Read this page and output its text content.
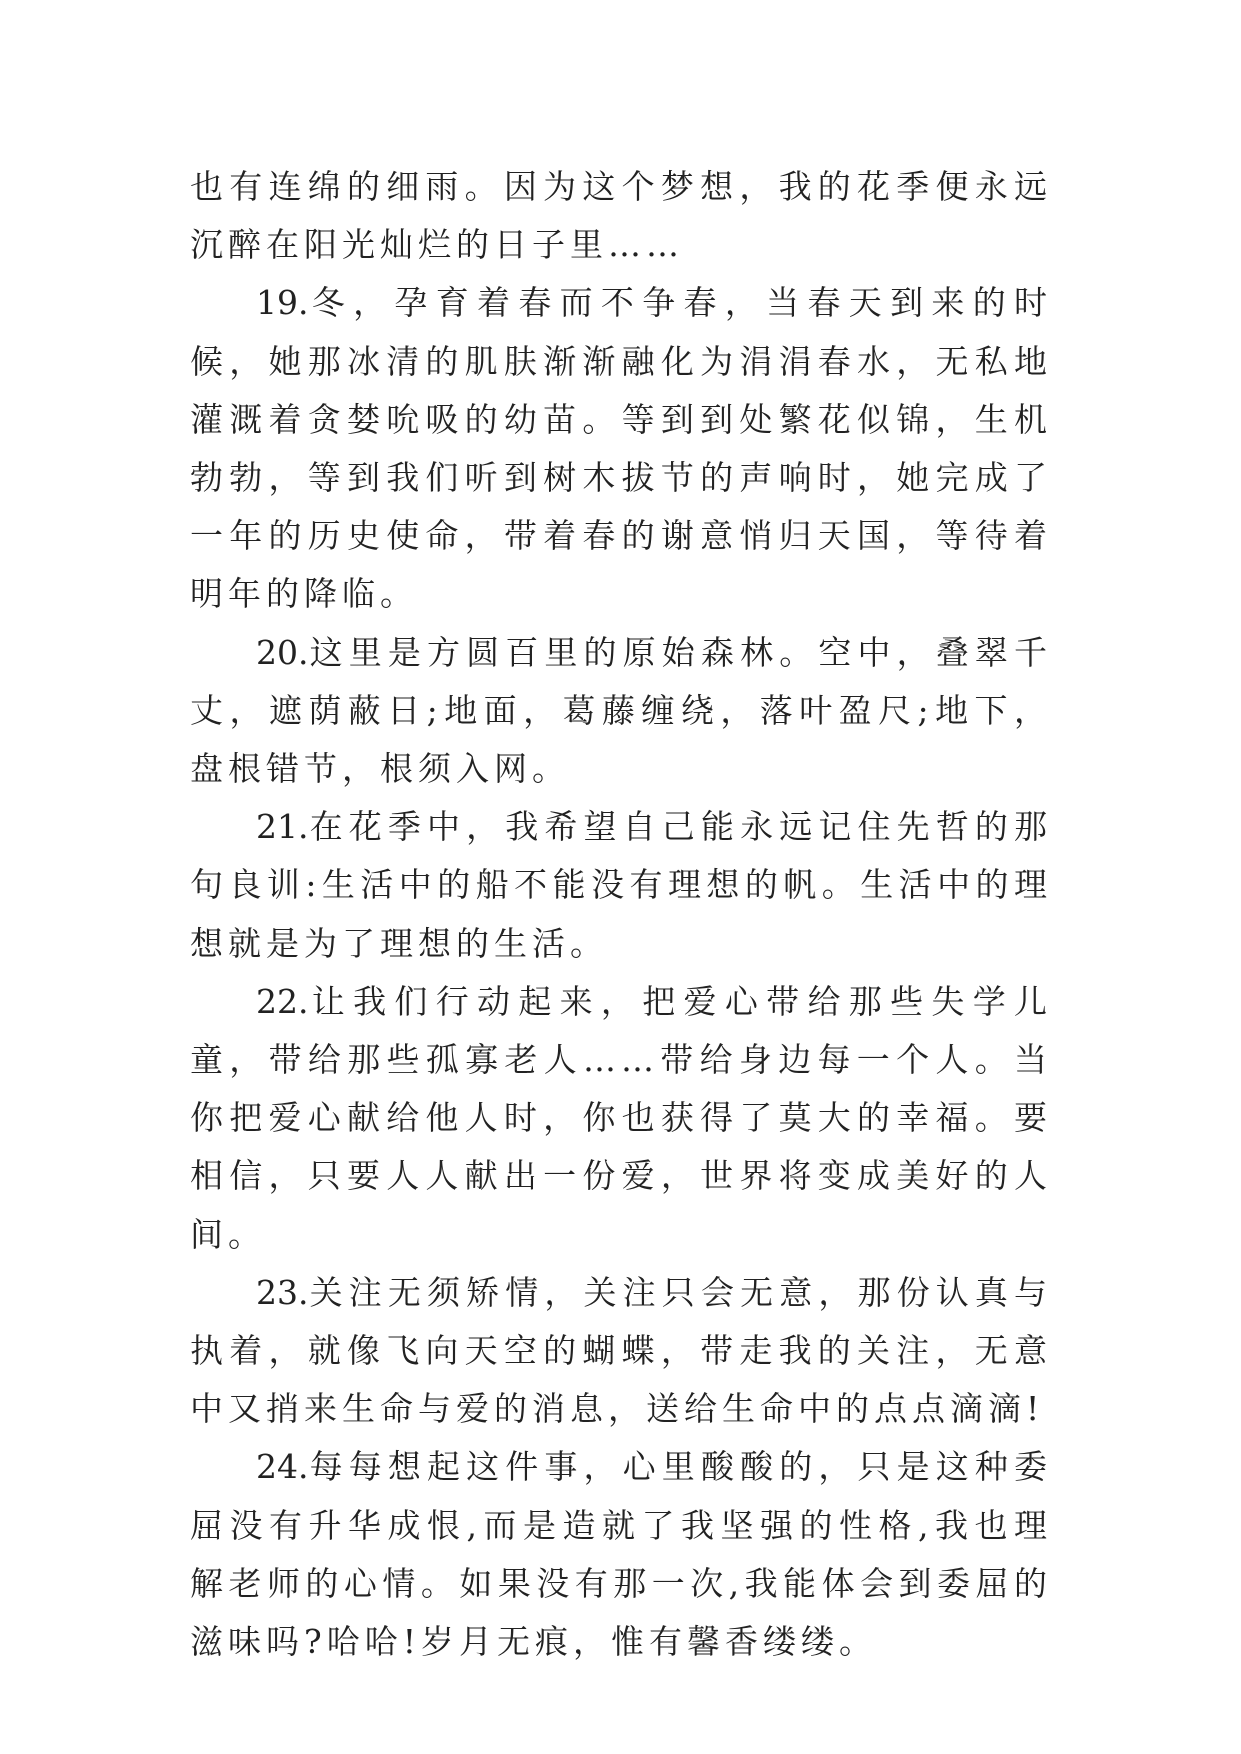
也有连绵的细雨。因为这个梦想，我的花季便永远沉醉在阳光灿烂的日子里……

19.冬，孕育着春而不争春，当春天到来的时候，她那冰清的肌肤渐渐融化为涓涓春水，无私地灌溉着贪婪吮吸的幼苗。等到到处繁花似锦，生机勃勃，等到我们听到树木拔节的声响时，她完成了一年的历史使命，带着春的谢意悄归天国，等待着明年的降临。

20.这里是方圆百里的原始森林。空中，叠翠千丈，遮荫蔽日;地面，葛藤缠绕，落叶盈尺;地下，盘根错节，根须入网。

21.在花季中，我希望自己能永远记住先哲的那句良训:生活中的船不能没有理想的帆。生活中的理想就是为了理想的生活。

22.让我们行动起来，把爱心带给那些失学儿童，带给那些孤寡老人……带给身边每一个人。当你把爱心献给他人时，你也获得了莫大的幸福。要相信，只要人人献出一份爱，世界将变成美好的人间。

23.关注无须矫情，关注只会无意，那份认真与执着，就像飞向天空的蝴蝶，带走我的关注，无意中又捎来生命与爱的消息，送给生命中的点点滴滴!

24.每每想起这件事，心里酸酸的，只是这种委屈没有升华成恨,而是造就了我坚强的性格,我也理解老师的心情。如果没有那一次,我能体会到委屈的滋味吗?哈哈!岁月无痕，惟有馨香缕缕。
